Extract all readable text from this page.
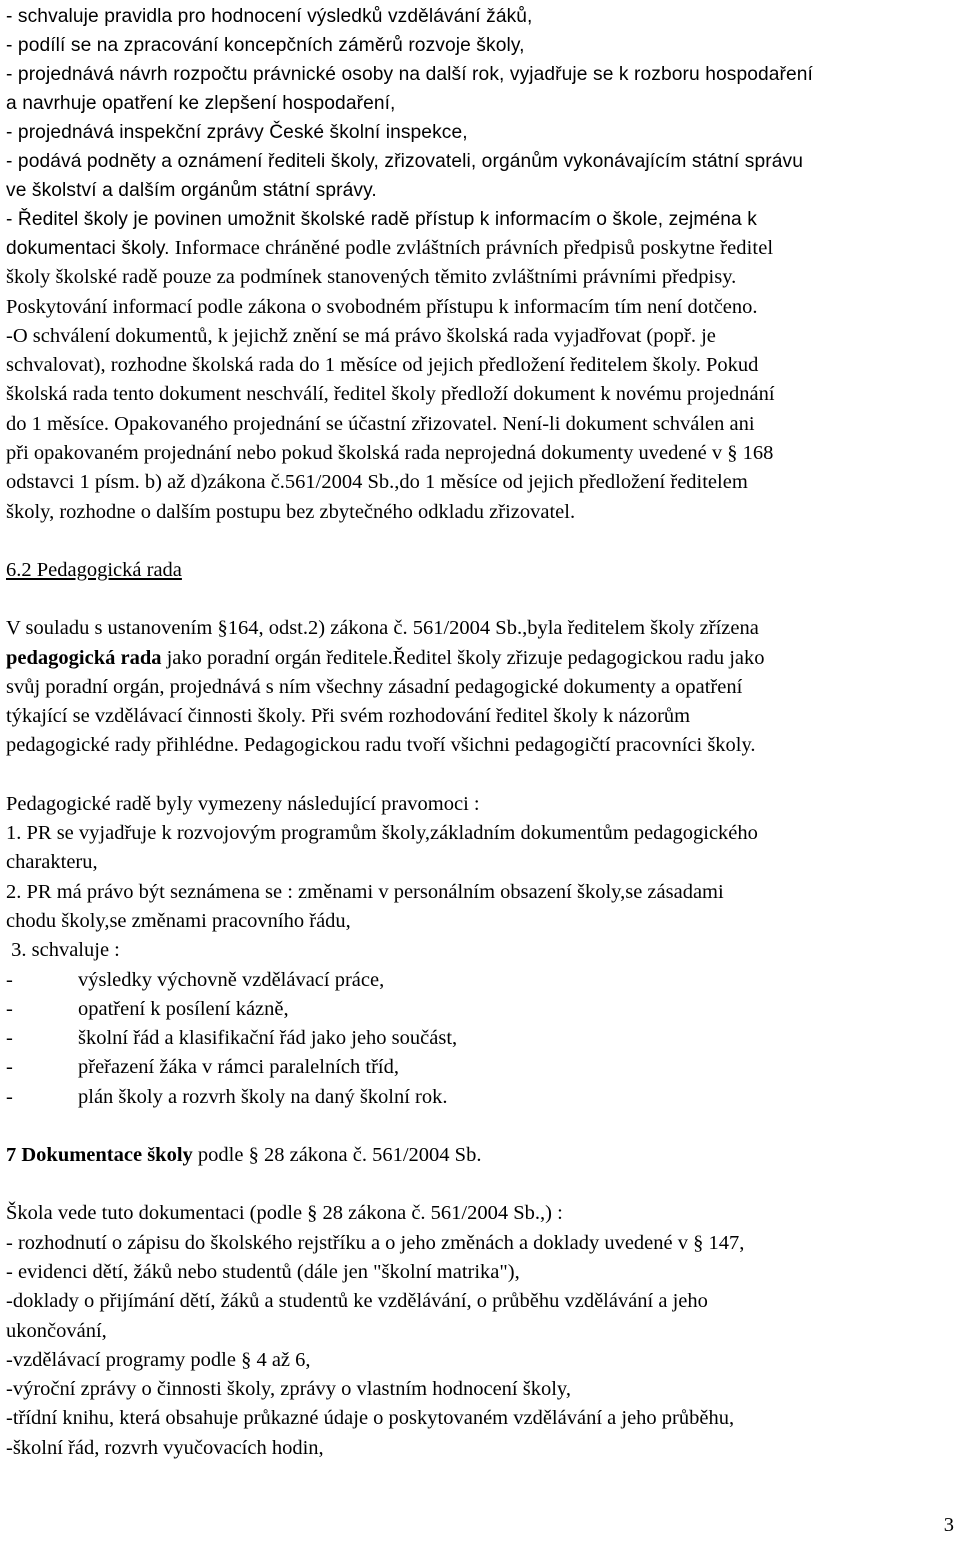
- schvaluje pravidla pro hodnocení výsledků vzdělávání žáků,
- podílí se na zpracování koncepčních záměrů rozvoje školy,
- projednává návrh rozpočtu právnické osoby na další rok, vyjadřuje se k rozboru hospodaření
a navrhuje opatření ke zlepšení hospodaření,
- projednává inspekční zprávy České školní inspekce,
- podává podněty a oznámení řediteli školy, zřizovateli, orgánům vykonávajícím státní správu
ve školství a dalším orgánům státní správy.
- Ředitel školy je povinen umožnit školské radě přístup k informacím o škole, zejména k
dokumentaci školy. Informace chráněné podle zvláštních právních předpisů poskytne ředitel
školy školské radě pouze za podmínek stanovených těmito zvláštními právními předpisy.
Poskytování informací podle zákona o svobodném přístupu k informacím tím není dotčeno.
-O schválení dokumentů, k jejichž znění se má právo školská rada vyjadřovat (popř. je
schvalovat), rozhodne školská rada do 1 měsíce od jejich předložení ředitelem školy. Pokud
školská rada tento dokument neschválí, ředitel školy předloží dokument k novému projednání
do 1 měsíce. Opakovaného projednání se účastní zřizovatel. Není-li dokument schválen ani
při opakovaném projednání nebo pokud školská rada neprojedná dokumenty uvedené v § 168
odstavci 1 písm. b) až d)zákona č.561/2004 Sb.,do 1 měsíce od jejich předložení ředitelem
školy, rozhodne o dalším postupu bez zbytečného odkladu zřizovatel.
6.2 Pedagogická rada
V souladu s ustanovením §164, odst.2) zákona č. 561/2004 Sb.,byla ředitelem školy zřízena
pedagogická rada jako poradní orgán ředitele.Ředitel školy zřizuje pedagogickou radu jako
svůj poradní orgán, projednává s ním všechny zásadní pedagogické dokumenty a opatření
týkající se vzdělávací činnosti školy. Při svém rozhodování ředitel školy k názorům
pedagogické rady přihlédne. Pedagogickou radu tvoří všichni pedagogičtí pracovníci školy.
Pedagogické radě byly vymezeny následující pravomoci :
1. PR se vyjadřuje k rozvojovým programům školy,základním dokumentům pedagogického
charakteru,
2. PR má právo být seznámena se : změnami v personálním obsazení školy,se zásadami
chodu školy,se změnami pracovního řádu,
3. schvaluje :
-	výsledky výchovně vzdělávací práce,
-	opatření k posílení kázně,
-	školní řád a klasifikační řád jako jeho součást,
-	přeřazení žáka v rámci paralelních tříd,
-	plán školy a rozvrh školy na daný školní rok.
7 Dokumentace školy podle § 28 zákona č. 561/2004 Sb.
Škola vede tuto dokumentaci (podle § 28 zákona č. 561/2004 Sb.,) :
- rozhodnutí o zápisu do školského rejstříku a o jeho změnách a doklady uvedené v § 147,
- evidenci dětí, žáků nebo studentů (dále jen "školní matrika"),
-doklady o přijímání dětí, žáků a studentů ke vzdělávání, o průběhu vzdělávání a jeho
ukončování,
-vzdělávací programy podle § 4 až 6,
-výroční zprávy o činnosti školy, zprávy o vlastním hodnocení školy,
-třídní knihu, která obsahuje průkazné údaje o poskytovaném vzdělávání a jeho průběhu,
-školní řád, rozvrh vyučovacích hodin,
3
